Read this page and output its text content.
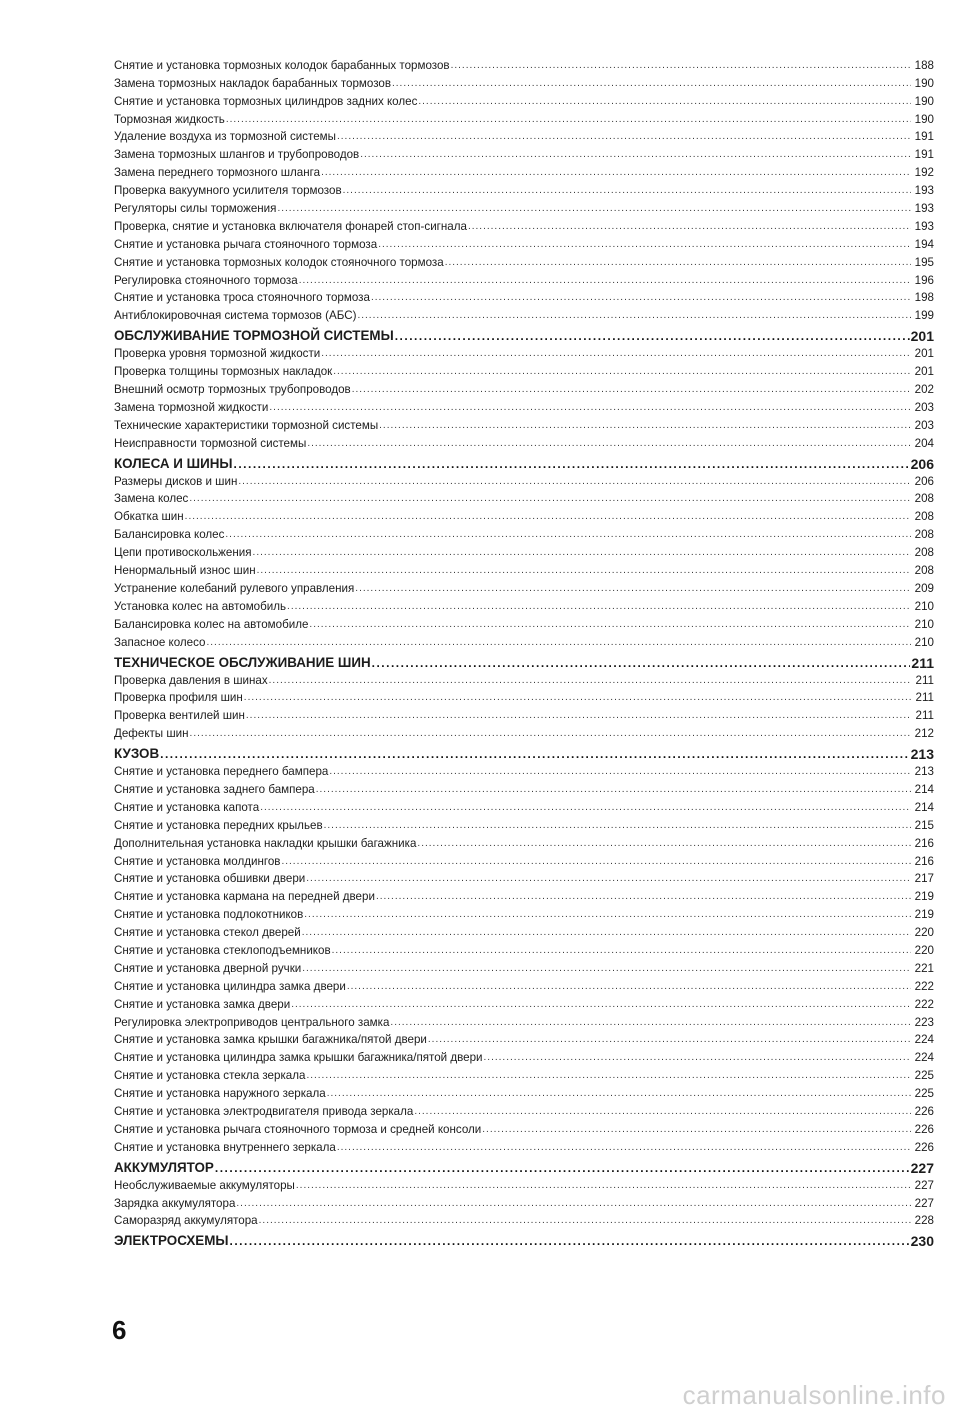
Снятие и установка тормозных колодок барабанных тормозов .....	188
Замена тормозных накладок барабанных тормозов .....	190
Снятие и установка тормозных цилиндров задних колес .....	190
Тормозная жидкость .....	190
Удаление воздуха из тормозной системы .....	191
Замена тормозных шлангов и трубопроводов .....	191
Замена переднего тормозного шланга .....	192
Проверка вакуумного усилителя тормозов .....	193
Регуляторы силы торможения .....	193
Проверка, снятие и установка включателя фонарей стоп-сигнала .....	193
Снятие и установка рычага стояночного тормоза .....	194
Снятие и установка тормозных колодок стояночного тормоза .....	195
Регулировка стояночного тормоза .....	196
Снятие и установка троса стояночного тормоза .....	198
Антиблокировочная система тормозов (АБС) .....	199
ОБСЛУЖИВАНИЕ ТОРМОЗНОЙ СИСТЕМЫ .....	201
Проверка уровня тормозной жидкости .....	201
Проверка толщины тормозных накладок .....	201
Внешний осмотр тормозных трубопроводов .....	202
Замена тормозной жидкости .....	203
Технические характеристики тормозной системы .....	203
Неисправности тормозной системы .....	204
КОЛЕСА И ШИНЫ .....	206
Размеры дисков и шин .....	206
Замена колес .....	208
Обкатка шин .....	208
Балансировка колес .....	208
Цепи противоскольжения .....	208
Ненормальный износ шин .....	208
Устранение колебаний рулевого управления .....	209
Установка колес на автомобиль .....	210
Балансировка колес на автомобиле .....	210
Запасное колесо .....	210
ТЕХНИЧЕСКОЕ ОБСЛУЖИВАНИЕ ШИН .....	211
Проверка давления в шинах .....	211
Проверка профиля шин .....	211
Проверка вентилей шин .....	211
Дефекты шин .....	212
КУЗОВ .....	213
Снятие и установка переднего бампера .....	213
Снятие и установка заднего бампера .....	214
Снятие и установка капота .....	214
Снятие и установка передних крыльев .....	215
Дополнительная установка накладки крышки багажника .....	216
Снятие и установка молдингов .....	216
Снятие и установка обшивки двери .....	217
Снятие и установка кармана на передней двери .....	219
Снятие и установка подлокотников .....	219
Снятие и установка стекол дверей .....	220
Снятие и установка стеклоподъемников .....	220
Снятие и установка дверной ручки .....	221
Снятие и установка цилиндра замка двери .....	222
Снятие и установка замка двери .....	222
Регулировка электроприводов центрального замка .....	223
Снятие и установка замка крышки багажника/пятой двери .....	224
Снятие и установка цилиндра замка крышки багажника/пятой двери .....	224
Снятие и установка стекла зеркала .....	225
Снятие и установка наружного зеркала .....	225
Снятие и установка электродвигателя привода зеркала .....	226
Снятие и установка рычага стояночного тормоза и средней консоли .....	226
Снятие и установка внутреннего зеркала .....	226
АККУМУЛЯТОР .....	227
Необслуживаемые аккумуляторы .....	227
Зарядка аккумулятора .....	227
Саморазряд аккумулятора .....	228
ЭЛЕКТРОСХЕМЫ .....	230
6
carmanualsonline.info
